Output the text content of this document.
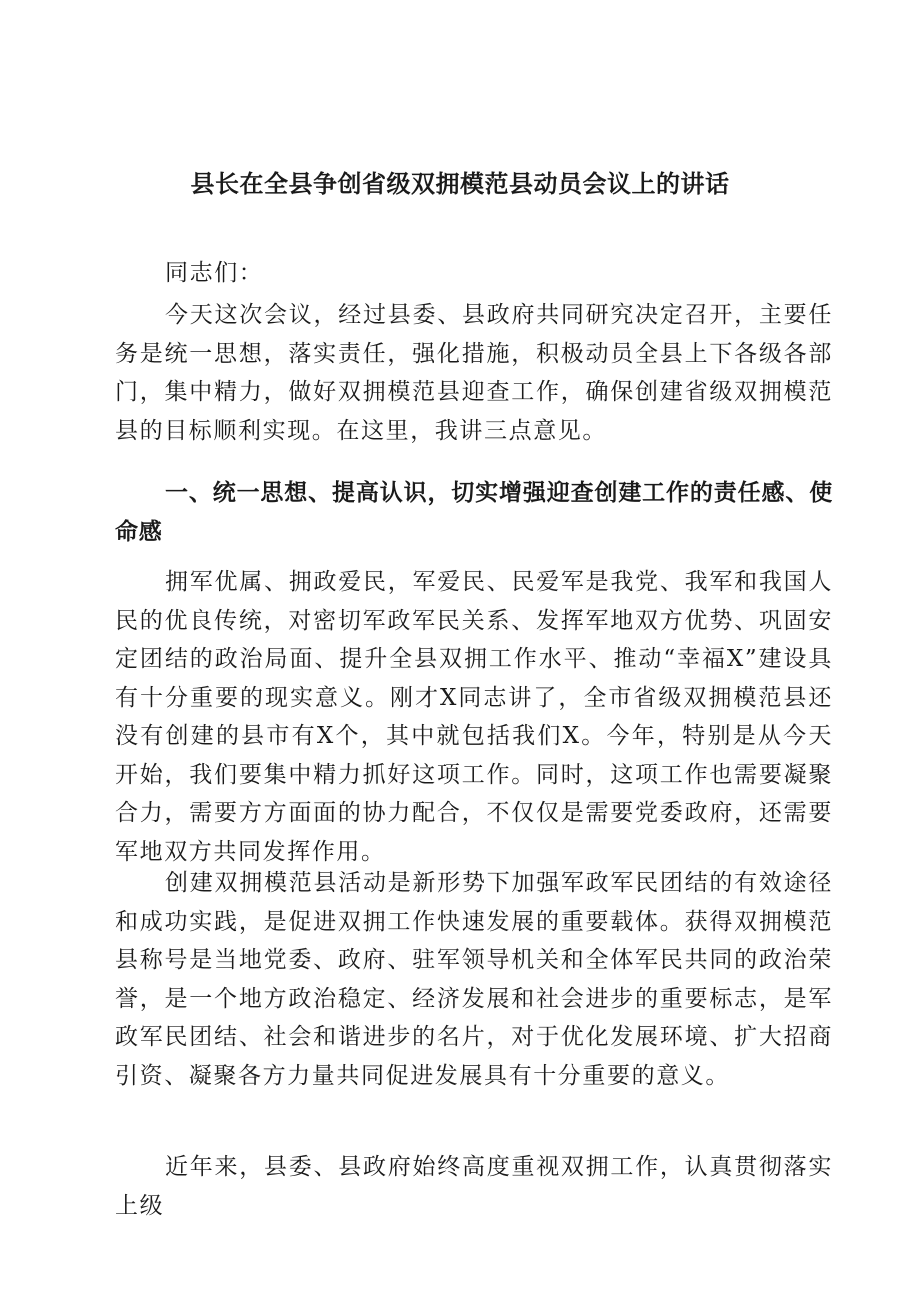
县长在全县争创省级双拥模范县动员会议上的讲话
同志们：
今天这次会议，经过县委、县政府共同研究决定召开，主要任务是统一思想，落实责任，强化措施，积极动员全县上下各级各部门，集中精力，做好双拥模范县迎查工作，确保创建省级双拥模范县的目标顺利实现。在这里，我讲三点意见。
一、统一思想、提高认识，切实增强迎查创建工作的责任感、使命感
拥军优属、拥政爱民，军爱民、民爱军是我党、我军和我国人民的优良传统，对密切军政军民关系、发挥军地双方优势、巩固安定团结的政治局面、提升全县双拥工作水平、推动“幸福X”建设具有十分重要的现实意义。刚才X同志讲了，全市省级双拥模范县还没有创建的县市有X个，其中就包括我们X。今年，特别是从今天开始，我们要集中精力抓好这项工作。同时，这项工作也需要凝聚合力，需要方方面面的协力配合，不仅仅是需要党委政府，还需要军地双方共同发挥作用。
创建双拥模范县活动是新形势下加强军政军民团结的有效途径和成功实践，是促进双拥工作快速发展的重要载体。获得双拥模范县称号是当地党委、政府、驻军领导机关和全体军民共同的政治荣誉，是一个地方政治稳定、经济发展和社会进步的重要标志，是军政军民团结、社会和谐进步的名片，对于优化发展环境、扩大招商引资、凝聚各方力量共同促进发展具有十分重要的意义。
近年来，县委、县政府始终高度重视双拥工作，认真贯彻落实上级
